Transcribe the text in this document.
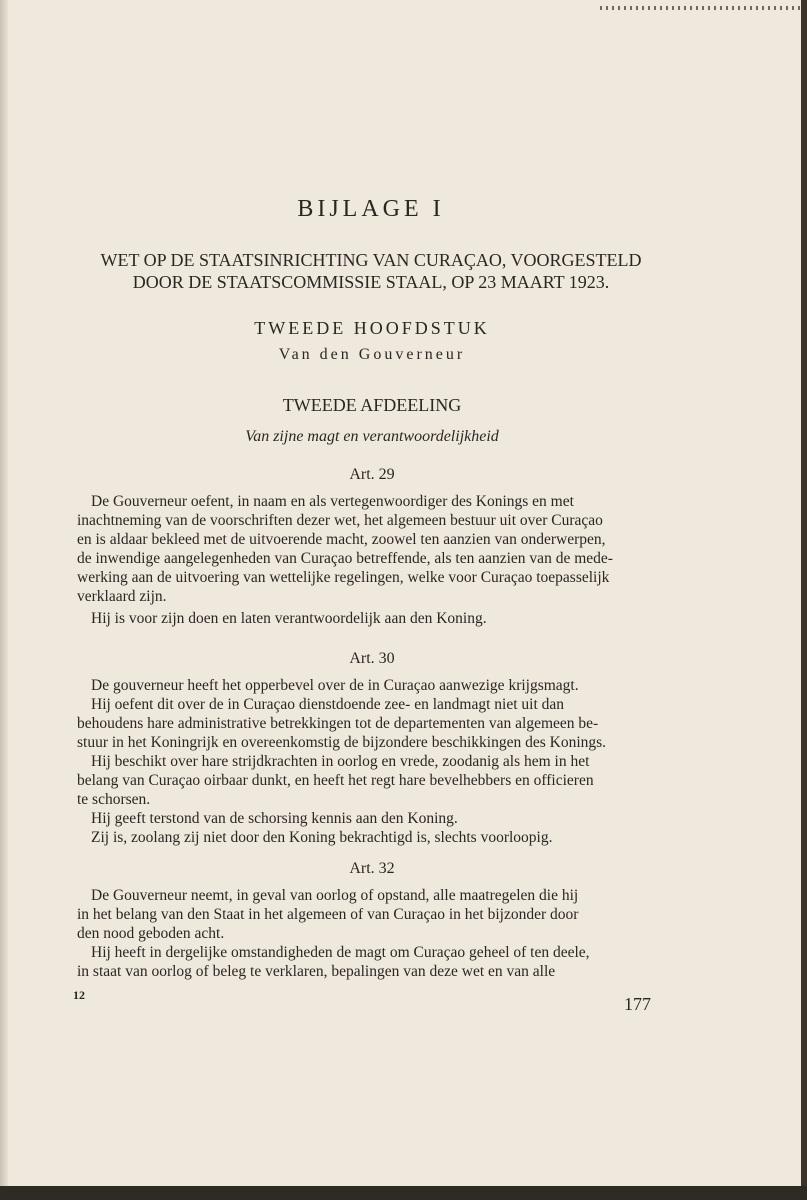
BIJLAGE I
WET OP DE STAATSINRICHTING VAN CURAÇAO, VOORGESTELD
DOOR DE STAATSCOMMISSIE STAAL, OP 23 MAART 1923.
TWEEDE HOOFDSTUK
Van den Gouverneur
TWEEDE AFDEELING
Van zijne magt en verantwoordelijkheid
Art. 29
De Gouverneur oefent, in naam en als vertegenwoordiger des Konings en met
inachtneming van de voorschriften dezer wet, het algemeen bestuur uit over Curaçao
en is aldaar bekleed met de uitvoerende macht, zoowel ten aanzien van onderwerpen,
de inwendige aangelegenheden van Curaçao betreffende, als ten aanzien van de mede-
werking aan de uitvoering van wettelijke regelingen, welke voor Curaçao toepasselijk
verklaard zijn.
Hij is voor zijn doen en laten verantwoordelijk aan den Koning.
Art. 30
De gouverneur heeft het opperbevel over de in Curaçao aanwezige krijgsmagt.
Hij oefent dit over de in Curaçao dienstdoende zee- en landmagt niet uit dan
behoudens hare administrative betrekkingen tot de departementen van algemeen be-
stuur in het Koningrijk en overeenkomstig de bijzondere beschikkingen des Konings.
Hij beschikt over hare strijdkrachten in oorlog en vrede, zoodanig als hem in het
belang van Curaçao oirbaar dunkt, en heeft het regt hare bevelhebbers en officieren
te schorsen.
Hij geeft terstond van de schorsing kennis aan den Koning.
Zij is, zoolang zij niet door den Koning bekrachtigd is, slechts voorloopig.
Art. 32
De Gouverneur neemt, in geval van oorlog of opstand, alle maatregelen die hij
in het belang van den Staat in het algemeen of van Curaçao in het bijzonder door
den nood geboden acht.
Hij heeft in dergelijke omstandigheden de magt om Curaçao geheel of ten deele,
in staat van oorlog of beleg te verklaren, bepalingen van deze wet en van alle
12	177
